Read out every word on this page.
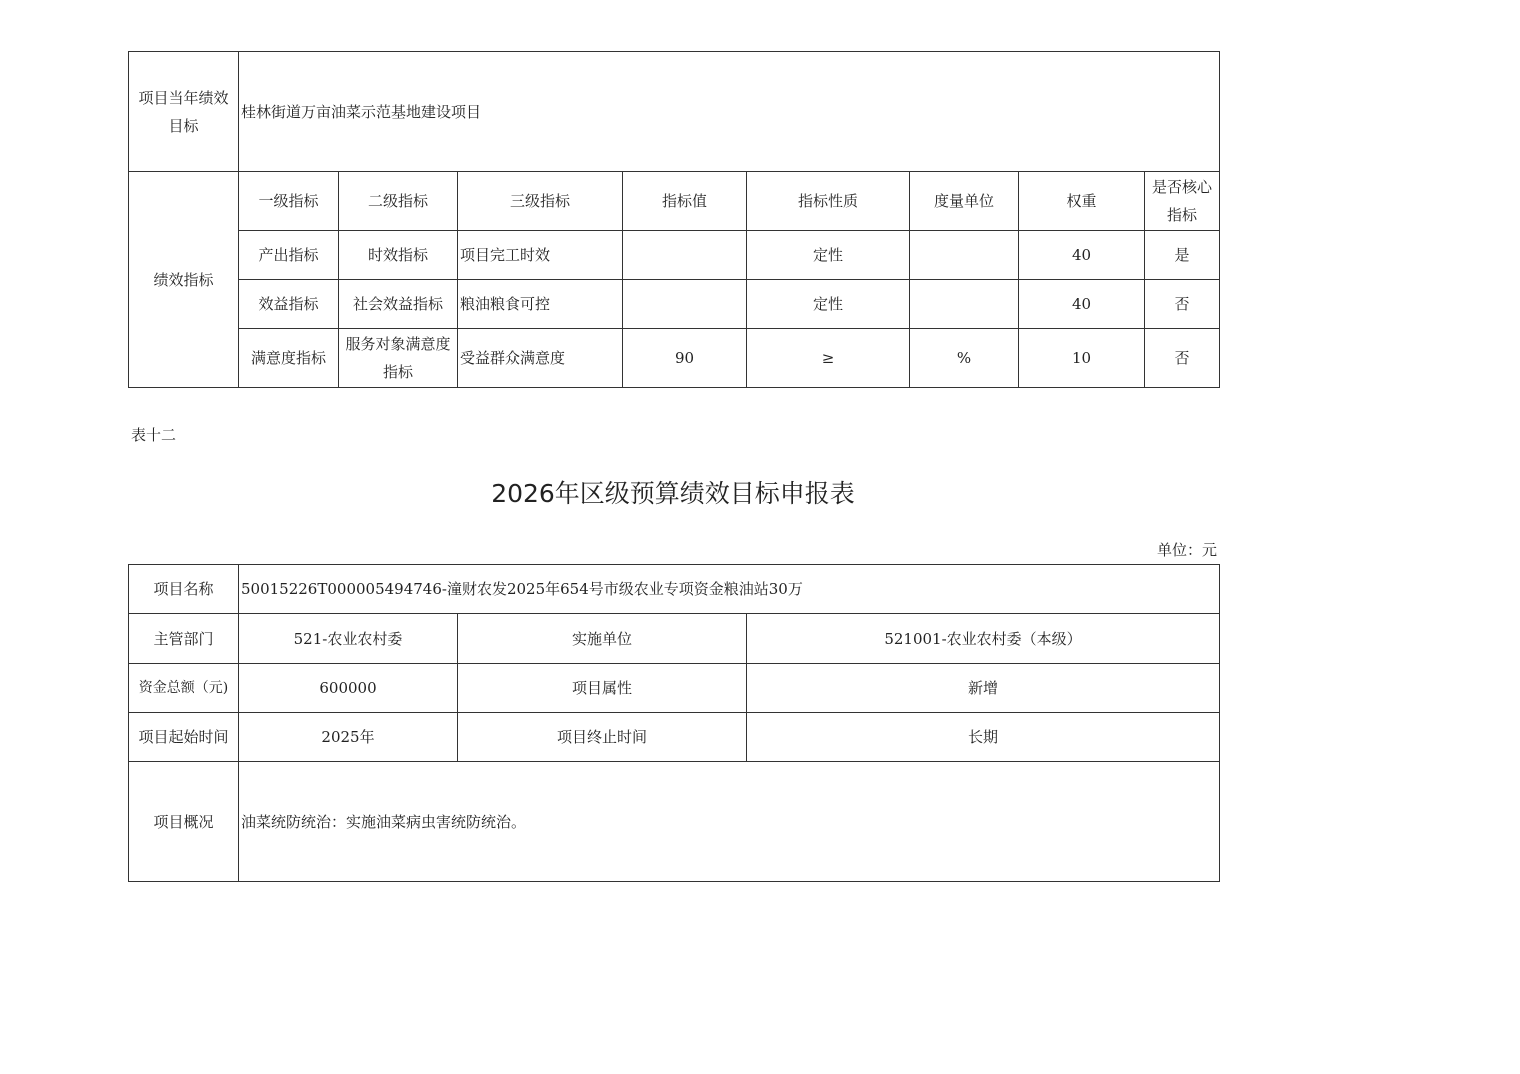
项目当年绩效目标	桂林街道万亩油菜示范基地建设项目							
绩效指标	一级指标	二级指标	三级指标	指标值	指标性质	度量单位	权重	是否核心指标
	产出指标	时效指标	项目完工时效		定性		40	是
	效益指标	社会效益指标	粮油粮食可控		定性		40	否
	满意度指标	服务对象满意度指标	受益群众满意度	90	≥	%	10	否
表十二
2026年区级预算绩效目标申报表
单位：元
项目名称	50015226T000005494746-潼财农发2025年654号市级农业专项资金粮油站30万		
主管部门	521-农业农村委	实施单位	521001-农业农村委（本级）
资金总额（元)	600000	项目属性	新增
项目起始时间	2025年	项目终止时间	长期
项目概况	油菜统防统治：实施油菜病虫害统防统治。		
